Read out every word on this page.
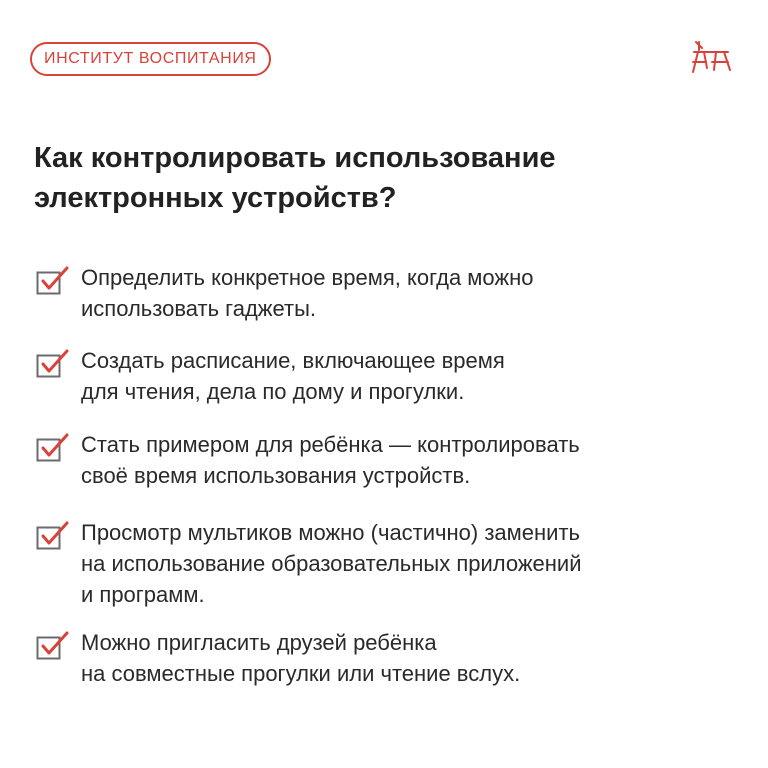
ИНСТИТУТ ВОСПИТАНИЯ
Как контролировать использование
электронных устройств?
Определить конкретное время, когда можно
использовать гаджеты.
Создать расписание, включающее время
для чтения, дела по дому и прогулки.
Стать примером для ребёнка — контролировать
своё время использования устройств.
Просмотр мультиков можно (частично) заменить
на использование образовательных приложений
и программ.
Можно пригласить друзей ребёнка
на совместные прогулки или чтение вслух.
